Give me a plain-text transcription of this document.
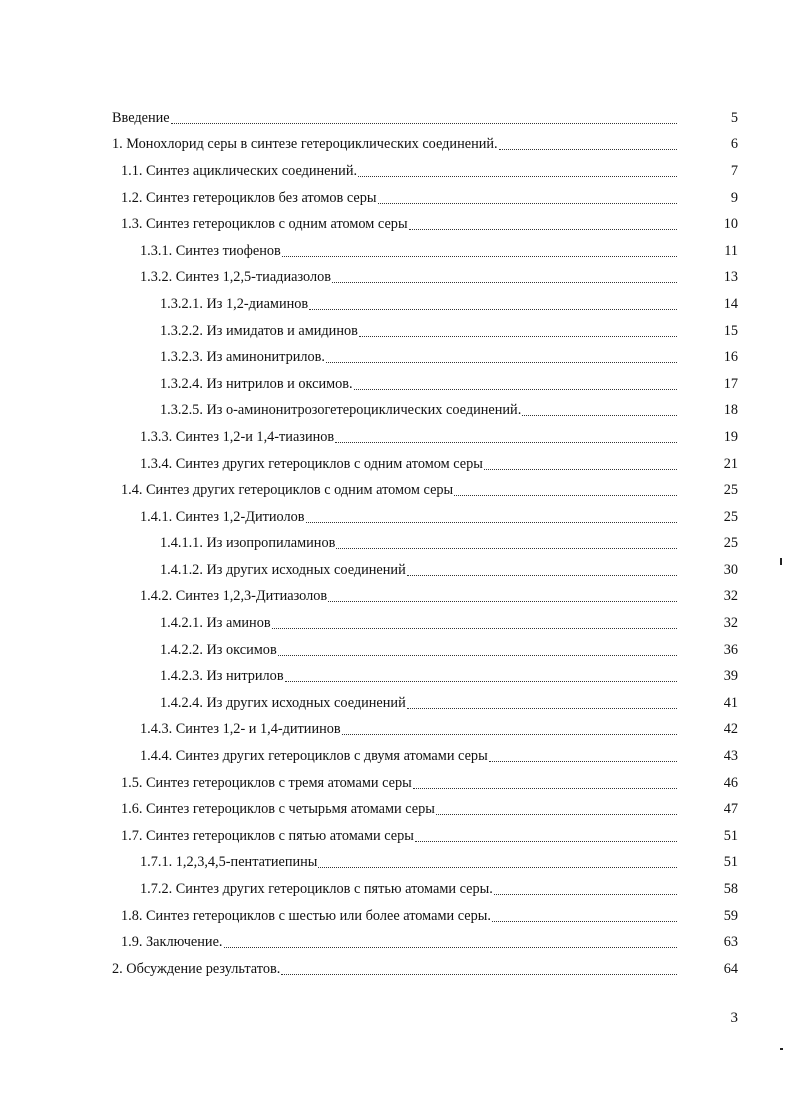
Введение	5
1. Монохлорид серы в синтезе гетероциклических соединений.	6
1.1. Синтез ациклических соединений.	7
1.2. Синтез гетероциклов без атомов серы	9
1.3. Синтез гетероциклов с одним атомом серы	10
1.3.1. Синтез тиофенов	11
1.3.2. Синтез 1,2,5-тиадиазолов	13
1.3.2.1. Из 1,2-диаминов	14
1.3.2.2. Из имидатов и амидинов	15
1.3.2.3. Из аминонитрилов.	16
1.3.2.4. Из нитрилов и оксимов.	17
1.3.2.5. Из о-аминонитрозогетероциклических соединений.	18
1.3.3. Синтез 1,2-и 1,4-тиазинов	19
1.3.4. Синтез других гетероциклов с одним атомом серы	21
1.4. Синтез других гетероциклов с одним атомом серы	25
1.4.1. Синтез 1,2-Дитиолов	25
1.4.1.1. Из изопропиламинов	25
1.4.1.2. Из других исходных соединений	30
1.4.2. Синтез 1,2,3-Дитиазолов	32
1.4.2.1. Из аминов	32
1.4.2.2. Из оксимов	36
1.4.2.3. Из нитрилов	39
1.4.2.4. Из других исходных соединений	41
1.4.3. Синтез 1,2- и 1,4-дитиинов	42
1.4.4. Синтез других гетероциклов с двумя атомами серы	43
1.5. Синтез гетероциклов с тремя атомами серы	46
1.6. Синтез гетероциклов с четырьмя атомами серы	47
1.7. Синтез гетероциклов с пятью атомами серы	51
1.7.1. 1,2,3,4,5-пентатиепины	51
1.7.2. Синтез других гетероциклов с пятью атомами серы.	58
1.8. Синтез гетероциклов с шестью или более атомами серы.	59
1.9. Заключение.	63
2. Обсуждение результатов.	64
3
